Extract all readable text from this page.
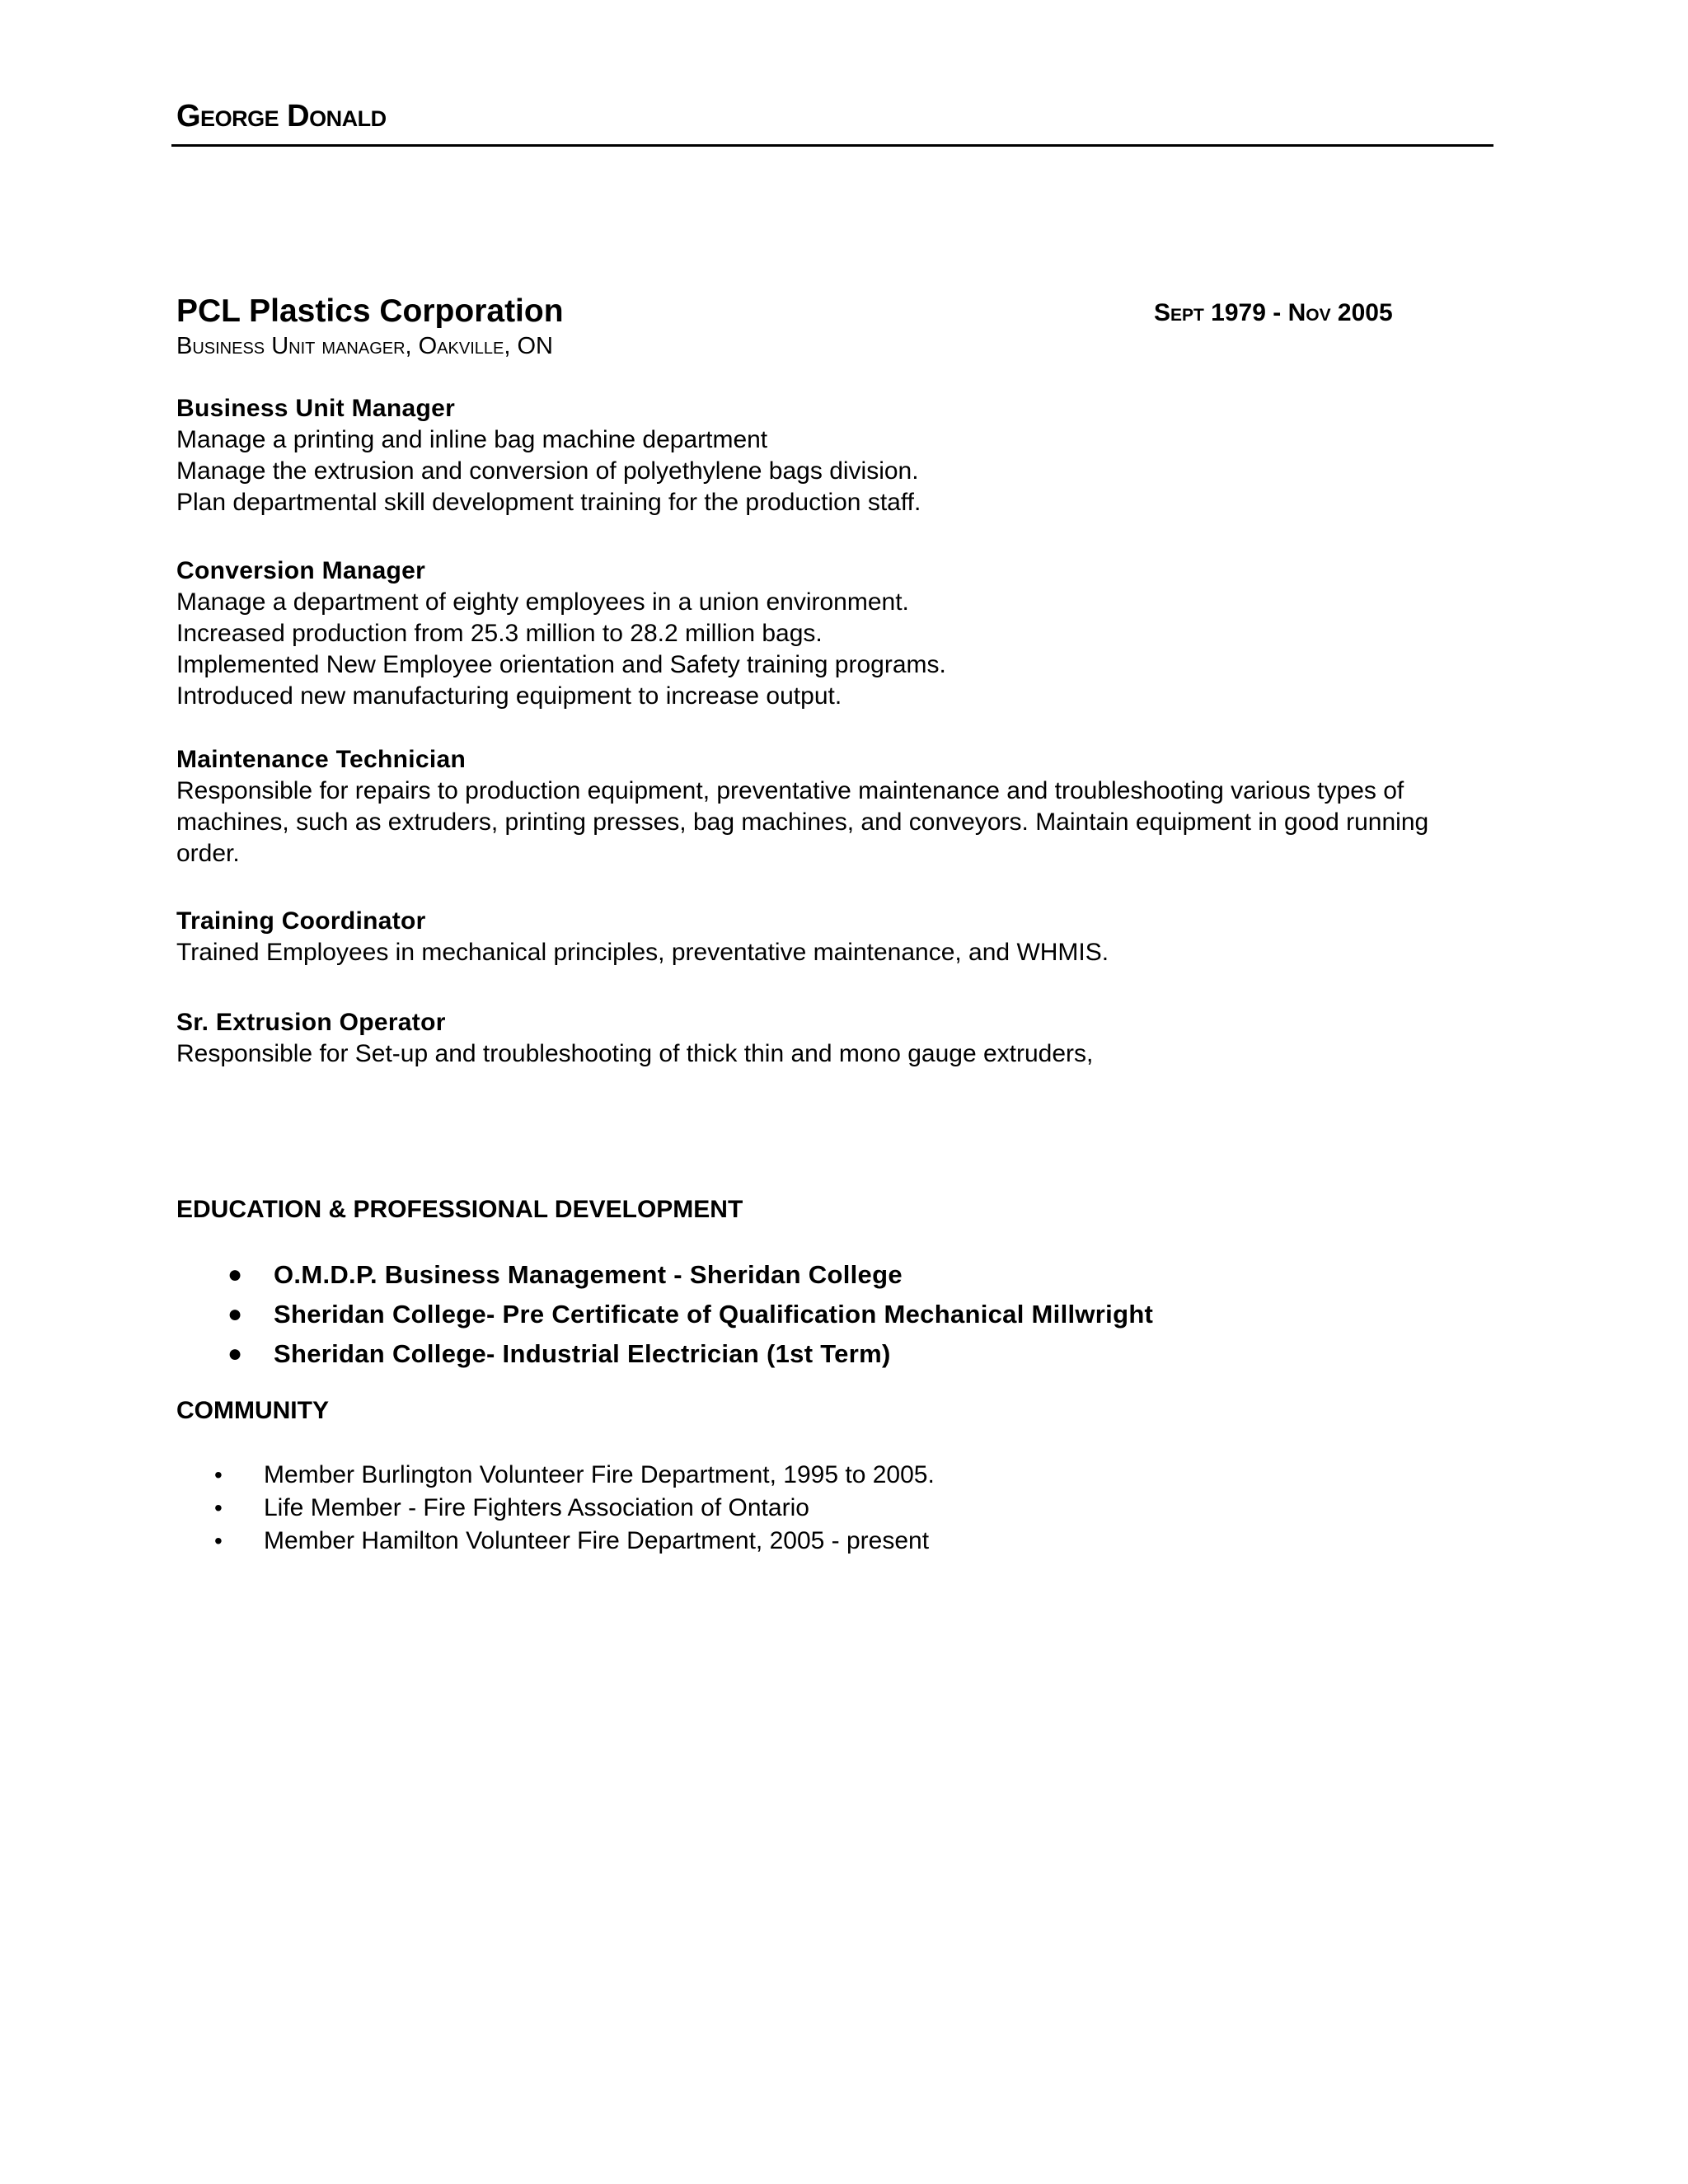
George Donald
PCL Plastics Corporation	Sept 1979 - Nov 2005
Business Unit manager, Oakville, ON

Business Unit Manager

Manage a printing and inline bag machine department

Manage the extrusion and conversion of polyethylene bags division.

Plan departmental skill development training for the production staff.

Conversion Manager

Manage a department of eighty employees in a union environment.

Increased production from 25.3 million to 28.2 million bags.

Implemented New Employee orientation and Safety training programs.

Introduced new manufacturing equipment to increase output.

Maintenance Technician

Responsible for repairs to production equipment, preventative maintenance and troubleshooting various types of machines, such as extruders, printing presses, bag machines, and conveyors. Maintain equipment in good running order.

Training Coordinator

Trained Employees in mechanical principles, preventative maintenance, and WHMIS.

Sr. Extrusion Operator

Responsible for Set-up and troubleshooting of thick thin and mono gauge extruders,

EDUCATION & PROFESSIONAL DEVELOPMENT
● O.M.D.P. Business Management - Sheridan College
● Sheridan College- Pre Certificate of Qualification Mechanical Millwright
● Sheridan College- Industrial Electrician (1st Term)
COMMUNITY
• Member Burlington Volunteer Fire Department, 1995 to 2005.
• Life Member - Fire Fighters Association of Ontario
• Member Hamilton Volunteer Fire Department, 2005 - present
